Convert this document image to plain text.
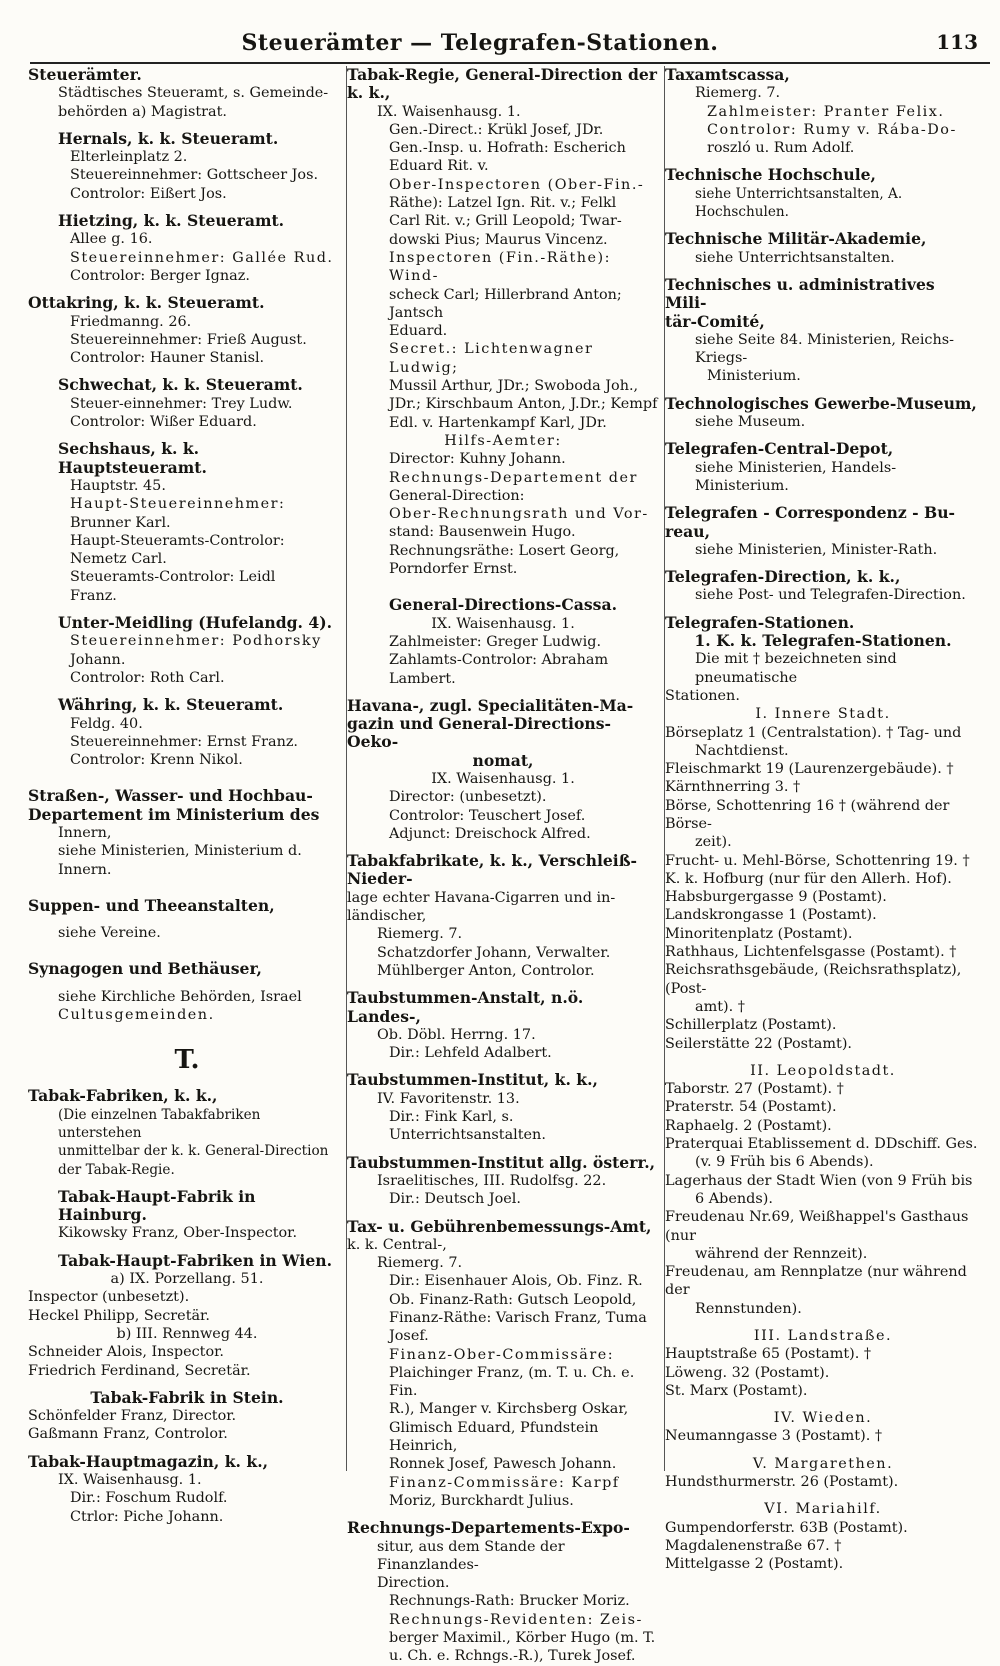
Steuerämter — Telegrafen-Stationen.	113
Steuerämter.
Städtisches Steueramt, s. Gemeinde-
behörden a) Magistrat.
Hernals, k. k. Steueramt.
Elterleinplatz 2.
Steuereinnehmer: Gottscheer Jos.
Controlor: Eißert Jos.
Hietzing, k. k. Steueramt.
Allee g. 16.
Steuereinnehmer: Gallée Rud.
Controlor: Berger Ignaz.
Ottakring, k. k. Steueramt.
Friedmanng. 26.
Steuereinnehmer: Frieß August.
Controlor: Hauner Stanisl.
Schwechat, k. k. Steueramt.
Steuer-einnehmer: Trey Ludw.
Controlor: Wißer Eduard.
Sechshaus, k. k. Hauptsteueramt.
Hauptstr. 45.
Haupt-Steuereinnehmer:
Brunner Karl.
Haupt-Steueramts-Controlor:
Nemetz Carl.
Steueramts-Controlor: Leidl
Franz.
Unter-Meidling (Hufelandg. 4).
Steuereinnehmer: Podhorsky
Johann.
Controlor: Roth Carl.
Währing, k. k. Steueramt.
Feldg. 40.
Steuereinnehmer: Ernst Franz.
Controlor: Krenn Nikol.
Straßen-, Wasser- und Hochbau-
Departement im Ministerium des
Innern,
siehe Ministerien, Ministerium d. Innern.
Suppen- und Theeanstalten,
siehe Vereine.
Synagogen und Bethäuser,
siehe Kirchliche Behörden, Israel
Cultusgemeinden.
T.
Tabak-Fabriken, k. k.,
(Die einzelnen Tabakfabriken unterstehen
unmittelbar der k. k. General-Direction
der Tabak-Regie.
Tabak-Haupt-Fabrik in Hainburg.
Kikowsky Franz, Ober-Inspector.
Tabak-Haupt-Fabriken in Wien.
a) IX. Porzellang. 51.
Inspector (unbesetzt).
Heckel Philipp, Secretär.
b) III. Rennweg 44.
Schneider Alois, Inspector.
Friedrich Ferdinand, Secretär.
Tabak-Fabrik in Stein.
Schönfelder Franz, Director.
Gaßmann Franz, Controlor.
Tabak-Hauptmagazin, k. k.,
IX. Waisenhausg. 1.
Dir.: Foschum Rudolf.
Ctrlor: Piche Johann.
Tabak-Regie, General-Direction der k. k.,
IX. Waisenhausg. 1.
Gen.-Direct.: Krükl Josef, JDr.
Gen.-Insp. u. Hofrath: Escherich
Eduard Rit. v.
Ober-Inspectoren (Ober-Fin.-
Räthe): Latzel Ign. Rit. v.; Felkl
Carl Rit. v.; Grill Leopold; Twar-
dowski Pius; Maurus Vincenz.
Inspectoren (Fin.-Räthe): Wind-
scheck Carl; Hillerbrand Anton; Jantsch
Eduard.
Secret.: Lichtenwagner Ludwig;
Mussil Arthur, JDr.; Swoboda Joh.,
JDr.; Kirschbaum Anton, J.Dr.; Kempf
Edl. v. Hartenkampf Karl, JDr.
Hilfs-Aemter:
Director: Kuhny Johann.
Rechnungs-Departement der
General-Direction:
Ober-Rechnungsrath und Vor-
stand: Bausenwein Hugo.
Rechnungsräthe: Losert Georg,
Porndorfer Ernst.
General-Directions-Cassa.
IX. Waisenhausg. 1.
Zahlmeister: Greger Ludwig.
Zahlamts-Controlor: Abraham
Lambert.
Havana-, zugl. Specialitäten-Ma-
gazin und General-Directions-Oeko-
nomat,
IX. Waisenhausg. 1.
Director: (unbesetzt).
Controlor: Teuschert Josef.
Adjunct: Dreischock Alfred.
Tabakfabrikate, k. k., Verschleiß-Nieder-
lage echter Havana-Cigarren und in-
ländischer,
Riemerg. 7.
Schatzdorfer Johann, Verwalter.
Mühlberger Anton, Controlor.
Taubstummen-Anstalt, n.ö. Landes-,
Ob. Döbl. Herrng. 17.
Dir.: Lehfeld Adalbert.
Taubstummen-Institut, k. k.,
IV. Favoritenstr. 13.
Dir.: Fink Karl, s. Unterrichtsanstalten.
Taubstummen-Institut allg. österr.,
Israelitisches, III. Rudolfsg. 22.
Dir.: Deutsch Joel.
Tax- u. Gebührenbemessungs-Amt,
k. k. Central-,
Riemerg. 7.
Dir.: Eisenhauer Alois, Ob. Finz. R.
Ob. Finanz-Rath: Gutsch Leopold,
Finanz-Räthe: Varisch Franz, Tuma
Josef.
Finanz-Ober-Commissäre:
Plaichinger Franz, (m. T. u. Ch. e. Fin.
R.), Manger v. Kirchsberg Oskar,
Glimisch Eduard, Pfundstein Heinrich,
Ronnek Josef, Pawesch Johann.
Finanz-Commissäre: Karpf
Moriz, Burckhardt Julius.
Rechnungs-Departements-Expo-
situr, aus dem Stande der Finanzlandes-
Direction.
Rechnungs-Rath: Brucker Moriz.
Rechnungs-Revidenten: Zeis-
berger Maximil., Körber Hugo (m. T.
u. Ch. e. Rchngs.-R.), Turek Josef.
Taxamtscassa,
Riemerg. 7.
Zahlmeister: Pranter Felix.
Controlor: Rumy v. Rába-Do-
roszló u. Rum Adolf.
Technische Hochschule,
siehe Unterrichtsanstalten, A. Hochschulen.
Technische Militär-Akademie,
siehe Unterrichtsanstalten.
Technisches u. administratives Mili-
tär-Comité,
siehe Seite 84. Ministerien, Reichs-Kriegs-
Ministerium.
Technologisches Gewerbe-Museum,
siehe Museum.
Telegrafen-Central-Depot,
siehe Ministerien, Handels-Ministerium.
Telegrafen - Correspondenz - Bu-
reau,
siehe Ministerien, Minister-Rath.
Telegrafen-Direction, k. k.,
siehe Post- und Telegrafen-Direction.
Telegrafen-Stationen.
1. K. k. Telegrafen-Stationen.
Die mit † bezeichneten sind pneumatische
Stationen.
I. Innere Stadt.
Börseplatz 1 (Centralstation). † Tag- und
Nachtdienst.
Fleischmarkt 19 (Laurenzergebäude). †
Kärnthnerring 3. †
Börse, Schottenring 16 † (während der Börse-
zeit).
Frucht- u. Mehl-Börse, Schottenring 19. †
K. k. Hofburg (nur für den Allerh. Hof).
Habsburgergasse 9 (Postamt).
Landskrongasse 1 (Postamt).
Minoritenplatz (Postamt).
Rathhaus, Lichtenfelsgasse (Postamt). †
Reichsrathsgebäude, (Reichsrathsplatz), (Post-
amt). †
Schillerplatz (Postamt).
Seilerstätte 22 (Postamt).
II. Leopoldstadt.
Taborstr. 27 (Postamt). †
Praterstr. 54 (Postamt).
Raphaelg. 2 (Postamt).
Praterquai Etablissement d. DDschiff. Ges.
(v. 9 Früh bis 6 Abends).
Lagerhaus der Stadt Wien (von 9 Früh bis
6 Abends).
Freudenau Nr.69, Weißhappel's Gasthaus (nur
während der Rennzeit).
Freudenau, am Rennplatze (nur während der
Rennstunden).
III. Landstraße.
Hauptstraße 65 (Postamt). †
Löweng. 32 (Postamt).
St. Marx (Postamt).
IV. Wieden.
Neumanngasse 3 (Postamt). †
V. Margarethen.
Hundsthurmerstr. 26 (Postamt).
VI. Mariahilf.
Gumpendorferstr. 63B (Postamt).
Magdalenenstraße 67. †
Mittelgasse 2 (Postamt).
